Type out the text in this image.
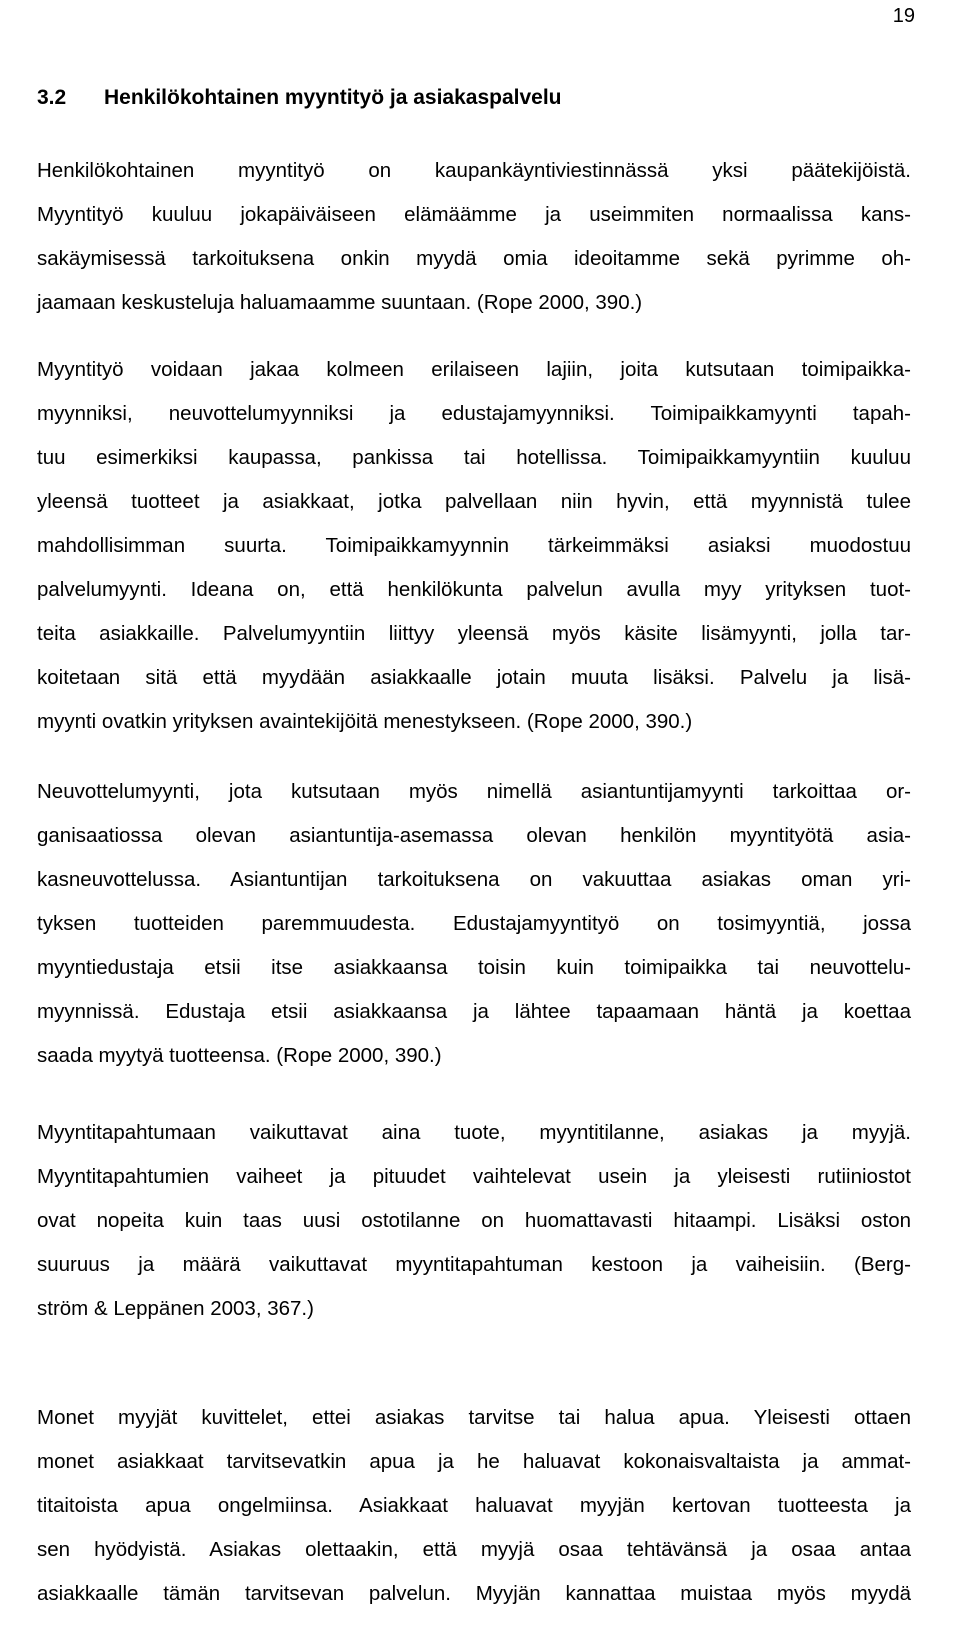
19
3.2	Henkilökohtainen myyntityö ja asiakaspalvelu
Henkilökohtainen myyntityö on kaupankäyntiviestinnässä yksi päätekijöistä.
Myyntityö kuuluu jokapäiväiseen elämäämme ja useimmiten normaalissa kans-
sakäymisessä tarkoituksena onkin myydä omia ideoitamme sekä pyrimme oh-
jaamaan keskusteluja haluamaamme suuntaan. (Rope 2000, 390.)
Myyntityö voidaan jakaa kolmeen erilaiseen lajiin, joita kutsutaan toimipaikka-
myynniksi, neuvottelumyynniksi ja edustajamyynniksi. Toimipaikkamyynti tapah-
tuu esimerkiksi kaupassa, pankissa tai hotellissa. Toimipaikkamyyntiin kuuluu
yleensä tuotteet ja asiakkaat, jotka palvellaan niin hyvin, että myynnistä tulee
mahdollisimman suurta. Toimipaikkamyynnin tärkeimmäksi asiaksi muodostuu
palvelumyynti. Ideana on, että henkilökunta palvelun avulla myy yrityksen tuot-
teita asiakkaille. Palvelumyyntiin liittyy yleensä myös käsite lisämyynti, jolla tar-
koitetaan sitä että myydään asiakkaalle jotain muuta lisäksi. Palvelu ja lisä-
myynti ovatkin yrityksen avaintekijöitä menestykseen. (Rope 2000, 390.)
Neuvottelumyynti, jota kutsutaan myös nimellä asiantuntijamyynti tarkoittaa or-
ganisaatiossa olevan asiantuntija-asemassa olevan henkilön myyntityötä asia-
kasneuvottelussa. Asiantuntijan tarkoituksena on vakuuttaa asiakas oman yri-
tyksen tuotteiden paremmuudesta. Edustajamyyntityö on tosimyyntiä, jossa
myyntiedustaja etsii itse asiakkaansa toisin kuin toimipaikka tai neuvottelu-
myynnissä. Edustaja etsii asiakkaansa ja lähtee tapaamaan häntä ja koettaa
saada myytyä tuotteensa. (Rope 2000, 390.)
Myyntitapahtumaan vaikuttavat aina tuote, myyntitilanne, asiakas ja myyjä.
Myyntitapahtumien vaiheet ja pituudet vaihtelevat usein ja yleisesti rutiiniostot
ovat nopeita kuin taas uusi ostotilanne on huomattavasti hitaampi. Lisäksi oston
suuruus ja määrä vaikuttavat myyntitapahtuman kestoon ja vaiheisiin. (Berg-
ström & Leppänen 2003, 367.)
Monet myyjät kuvittelet, ettei asiakas tarvitse tai halua apua. Yleisesti ottaen
monet asiakkaat tarvitsevatkin apua ja he haluavat kokonaisvaltaista ja ammat-
titaitoista apua ongelmiinsa. Asiakkaat haluavat myyjän kertovan tuotteesta ja
sen hyödyistä. Asiakas olettaakin, että myyjä osaa tehtävänsä ja osaa antaa
asiakkaalle tämän tarvitsevan palvelun. Myyjän kannattaa muistaa myös myydä
